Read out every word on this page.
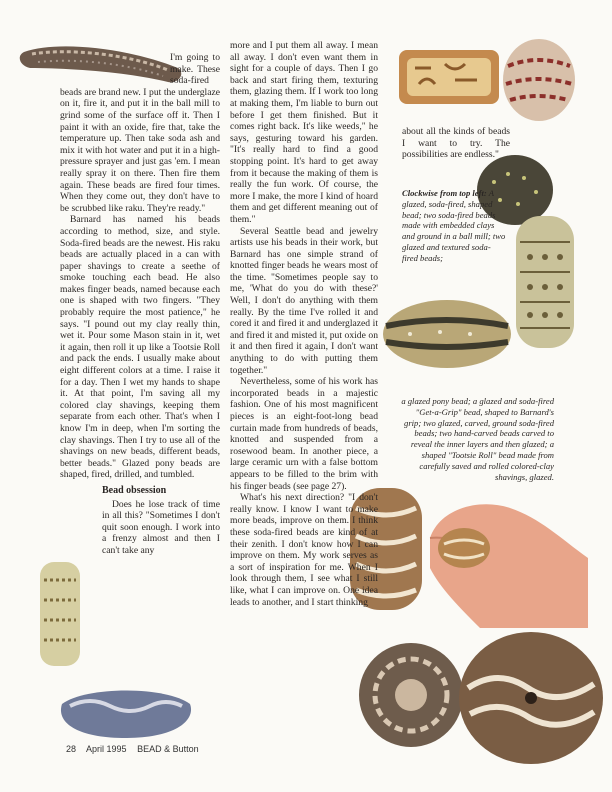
I'm going to make. These soda-fired beads are brand new. I put the underglaze on it, fire it, and put it in the ball mill to grind some of the surface off it. Then I paint it with an oxide, fire that, take the temperature up. Then take soda ash and mix it with hot water and put it in a high-pressure sprayer and just gas 'em. I mean really spray it on there. Then fire them again. These beads are fired four times. When they come out, they don't have to be scrubbed like raku. They're ready."

Barnard has named his beads according to method, size, and style. Soda-fired beads are the newest. His raku beads are actually placed in a can with paper shavings to create a seethe of smoke touching each bead. He also makes finger beads, named because each one is shaped with two fingers. "They probably require the most patience," he says. "I pound out my clay really thin, wet it. Pour some Mason stain in it, wet it again, then roll it up like a Tootsie Roll and pack the ends. I usually make about eight different colors at a time. I raise it for a day. Then I wet my hands to shape it. At that point, I'm saving all my colored clay shavings, keeping them separate from each other. That's when I know I'm in deep, when I'm sorting the clay shavings. Then I try to use all of the shavings on new beads, different beads, better beads." Glazed pony beads are shaped, fired, drilled, and tumbled.

Bead obsession

Does he lose track of time in all this? "Sometimes I don't quit soon enough. I work into a frenzy almost and then I can't take any

more and I put them all away. I mean all away. I don't even want them in sight for a couple of days. Then I go back and start firing them, texturing them, glazing them. If I work too long at making them, I'm liable to burn out before I get them finished. But it comes right back. It's like weeds," he says, gesturing toward his garden. "It's really hard to find a good stopping point. It's hard to get away from it because the making of them is really the fun work. Of course, the more I make, the more I kind of hoard them and get different meaning out of them."

Several Seattle bead and jewelry artists use his beads in their work, but Barnard has one simple strand of knotted finger beads he wears most of the time. "Sometimes people say to me, 'What do you do with these?' Well, I don't do anything with them really. By the time I've rolled it and cored it and fired it and underglazed it and fired it and misted it, put oxide on it and then fired it again, I don't want anything to do with putting them together."

Nevertheless, some of his work has incorporated beads in a majestic fashion. One of his most magnificent pieces is an eight-foot-long bead curtain made from hundreds of beads, knotted and suspended from a rosewood beam. In another piece, a large ceramic urn with a false bottom appears to be filled to the brim with his finger beads (see page 27).

What's his next direction? "I don't really know. I know I want to make more beads, improve on them. I think these soda-fired beads are kind of at their zenith. I don't know how I can improve on them. My work serves as a sort of inspiration for me. When I look through them, I see what I still like, what I can improve on. One idea leads to another, and I start thinking

about all the kinds of beads I want to try. The possibilities are endless."

Clockwise from top left: A glazed, soda-fired, shaped bead; two soda-fired beads made with embedded clays and ground in a ball mill; two glazed and textured soda-fired beads;
a glazed pony bead; a glazed and soda-fired "Get-a-Grip" bead, shaped to Barnard's grip; two glazed, carved, ground soda-fired beads; two hand-carved beads carved to reveal the inner layers and then glazed; a shaped "Tootsie Roll" bead made from carefully saved and rolled colored-clay shavings, glazed.
28 April 1995 BEAD & Button
